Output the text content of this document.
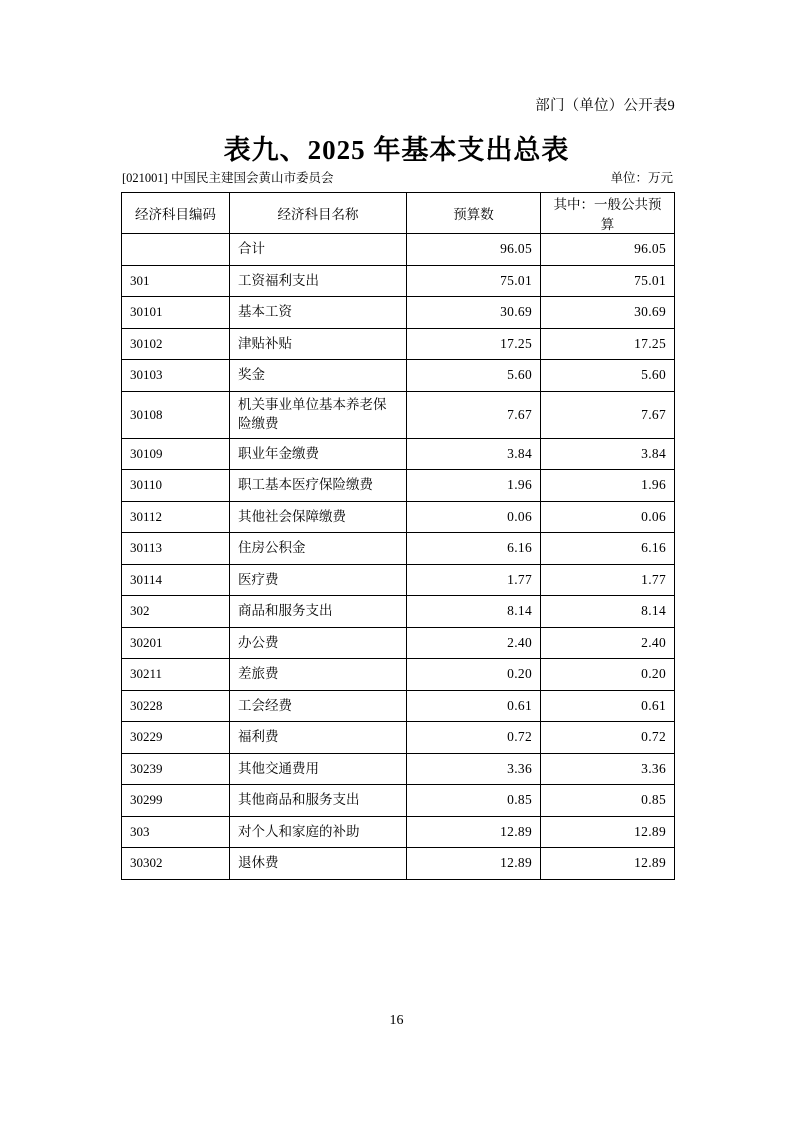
部门（单位）公开表9
表九、2025 年基本支出总表
[021001] 中国民主建国会黄山市委员会	单位：万元
经济科目编码	经济科目名称	预算数	其中：一般公共预算
	合计	96.05	96.05
301	工资福利支出	75.01	75.01
30101	基本工资	30.69	30.69
30102	津贴补贴	17.25	17.25
30103	奖金	5.60	5.60
30108	机关事业单位基本养老保险缴费	7.67	7.67
30109	职业年金缴费	3.84	3.84
30110	职工基本医疗保险缴费	1.96	1.96
30112	其他社会保障缴费	0.06	0.06
30113	住房公积金	6.16	6.16
30114	医疗费	1.77	1.77
302	商品和服务支出	8.14	8.14
30201	办公费	2.40	2.40
30211	差旅费	0.20	0.20
30228	工会经费	0.61	0.61
30229	福利费	0.72	0.72
30239	其他交通费用	3.36	3.36
30299	其他商品和服务支出	0.85	0.85
303	对个人和家庭的补助	12.89	12.89
30302	退休费	12.89	12.89
16
